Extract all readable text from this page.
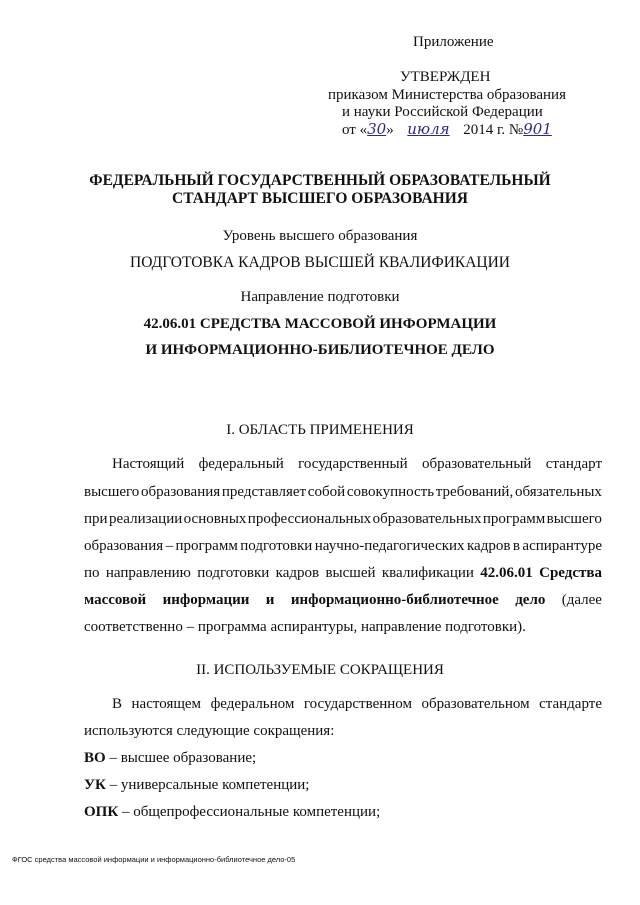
Приложение
УТВЕРЖДЕН
приказом Министерства образования
и науки Российской Федерации
от «30» июля 2014 г. №901
ФЕДЕРАЛЬНЫЙ ГОСУДАРСТВЕННЫЙ ОБРАЗОВАТЕЛЬНЫЙ
СТАНДАРТ ВЫСШЕГО ОБРАЗОВАНИЯ
Уровень высшего образования
ПОДГОТОВКА КАДРОВ ВЫСШЕЙ КВАЛИФИКАЦИИ
Направление подготовки
42.06.01 СРЕДСТВА МАССОВОЙ ИНФОРМАЦИИ
И ИНФОРМАЦИОННО-БИБЛИОТЕЧНОЕ ДЕЛО
I. ОБЛАСТЬ ПРИМЕНЕНИЯ
Настоящий федеральный государственный образовательный стандарт
высшего образования представляет собой совокупность требований, обязательных
при реализации основных профессиональных образовательных программ высшего
образования – программ подготовки научно-педагогических кадров в аспирантуре
по направлению подготовки кадров высшей квалификации 42.06.01 Средства
массовой информации и информационно-библиотечное дело (далее
соответственно – программа аспирантуры, направление подготовки).
II. ИСПОЛЬЗУЕМЫЕ СОКРАЩЕНИЯ
В настоящем федеральном государственном образовательном стандарте
используются следующие сокращения:
ВО – высшее образование;
УК – универсальные компетенции;
ОПК – общепрофессиональные компетенции;
ФГОС средства массовой информации и информационно-библиотечное дело-05
